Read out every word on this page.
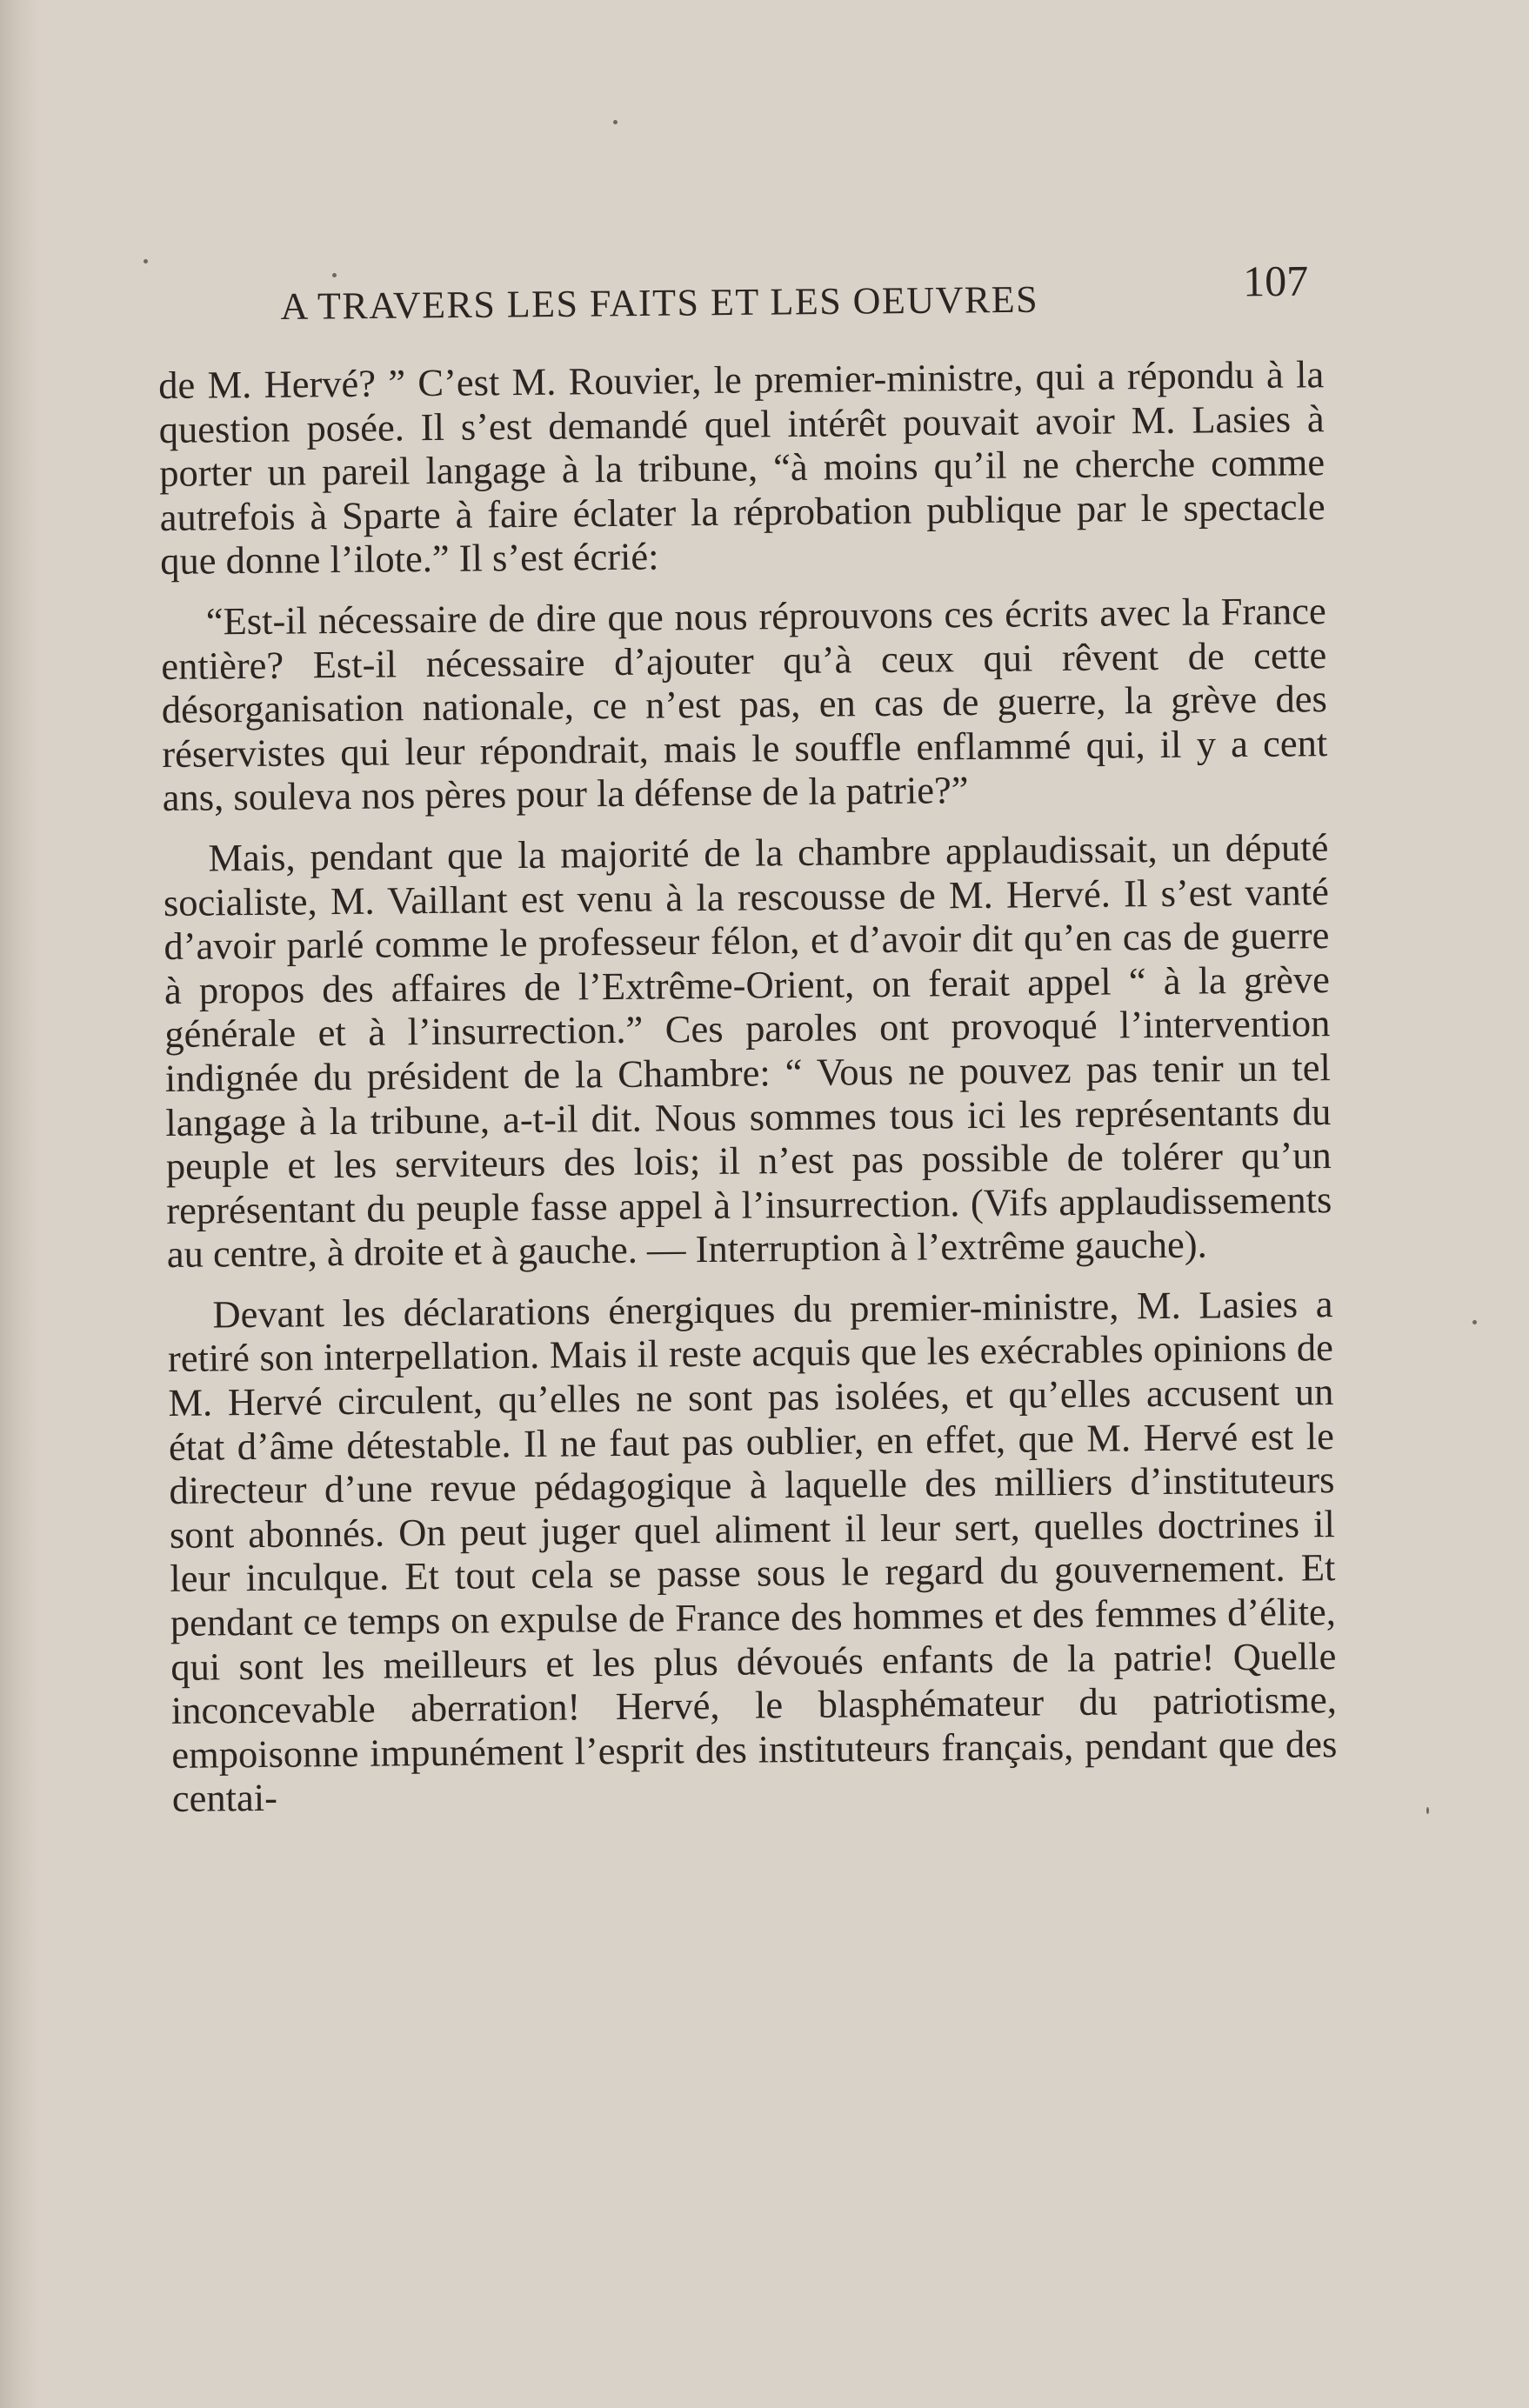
A TRAVERS LES FAITS ET LES OEUVRES	107

de M. Hervé? ” C’est M. Rouvier, le premier-ministre, qui a répondu à la question posée. Il s’est demandé quel intérêt pouvait avoir M. Lasies à porter un pareil langage à la tribune, “à moins qu’il ne cherche comme autrefois à Sparte à faire éclater la réprobation publique par le spectacle que donne l’ilote.” Il s’est écrié:

“Est-il nécessaire de dire que nous réprouvons ces écrits avec la France entière? Est-il nécessaire d’ajouter qu’à ceux qui rêvent de cette désorganisation nationale, ce n’est pas, en cas de guerre, la grève des réservistes qui leur répondrait, mais le souffle enflammé qui, il y a cent ans, souleva nos pères pour la défense de la patrie?”

Mais, pendant que la majorité de la chambre applaudissait, un député socialiste, M. Vaillant est venu à la rescousse de M. Hervé. Il s’est vanté d’avoir parlé comme le professeur félon, et d’avoir dit qu’en cas de guerre à propos des affaires de l’Extrême-Orient, on ferait appel “ à la grève générale et à l’insurrection.” Ces paroles ont provoqué l’intervention indignée du président de la Chambre: “ Vous ne pouvez pas tenir un tel langage à la tribune, a-t-il dit. Nous sommes tous ici les représentants du peuple et les serviteurs des lois; il n’est pas possible de tolérer qu’un représentant du peuple fasse appel à l’insurrection. (Vifs applaudissements au centre, à droite et à gauche. — Interruption à l’extrême gauche).

Devant les déclarations énergiques du premier-ministre, M. Lasies a retiré son interpellation. Mais il reste acquis que les exécrables opinions de M. Hervé circulent, qu’elles ne sont pas isolées, et qu’elles accusent un état d’âme détestable. Il ne faut pas oublier, en effet, que M. Hervé est le directeur d’une revue pédagogique à laquelle des milliers d’instituteurs sont abonnés. On peut juger quel aliment il leur sert, quelles doctrines il leur inculque. Et tout cela se passe sous le regard du gouvernement. Et pendant ce temps on expulse de France des hommes et des femmes d’élite, qui sont les meilleurs et les plus dévoués enfants de la patrie! Quelle inconcevable aberration! Hervé, le blasphémateur du patriotisme, empoisonne impunément l’esprit des instituteurs français, pendant que des centai-
